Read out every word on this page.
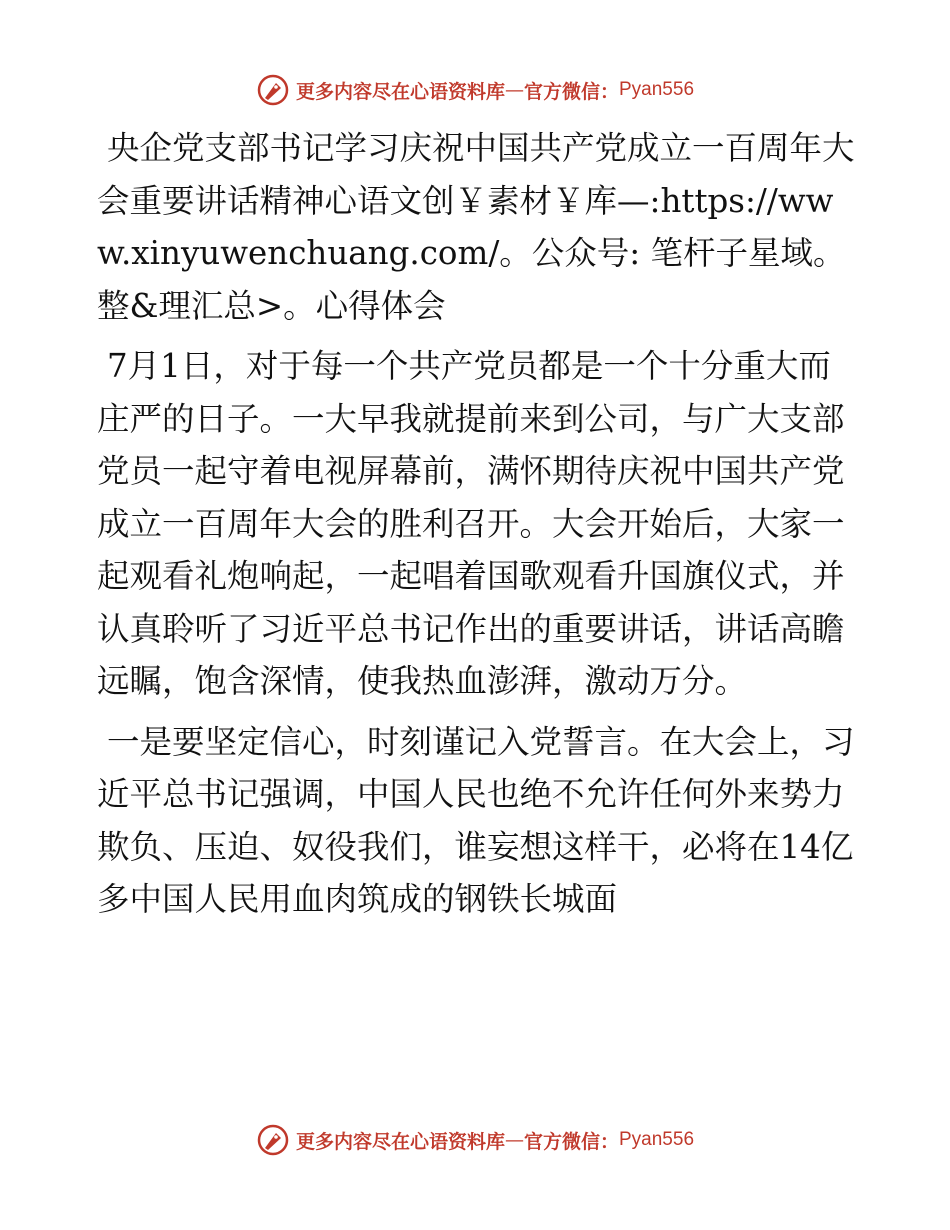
更多内容尽在心语资料库 — 官方微信： Pyan556

央企党支部书记学习庆祝中国共产党成立一百周年大会重要讲话精神心语文创￥素材￥库—:https://www.xinyuwenchuang.com/。公众号: 笔杆子星域。整&理汇总>。心得体会

7月1日，对于每一个共产党员都是一个十分重大而庄严的日子。一大早我就提前来到公司，与广大支部党员一起守着电视屏幕前，满怀期待庆祝中国共产党成立一百周年大会的胜利召开。大会开始后，大家一起观看礼炮响起，一起唱着国歌观看升国旗仪式，并认真聆听了习近平总书记作出的重要讲话，讲话高瞻远瞩，饱含深情，使我热血澎湃，激动万分。

一是要坚定信心，时刻谨记入党誓言。在大会上，习近平总书记强调，中国人民也绝不允许任何外来势力欺负、压迫、奴役我们，谁妄想这样干，必将在14亿多中国人民用血肉筑成的钢铁长城面

更多内容尽在心语资料库 — 官方微信： Pyan556
